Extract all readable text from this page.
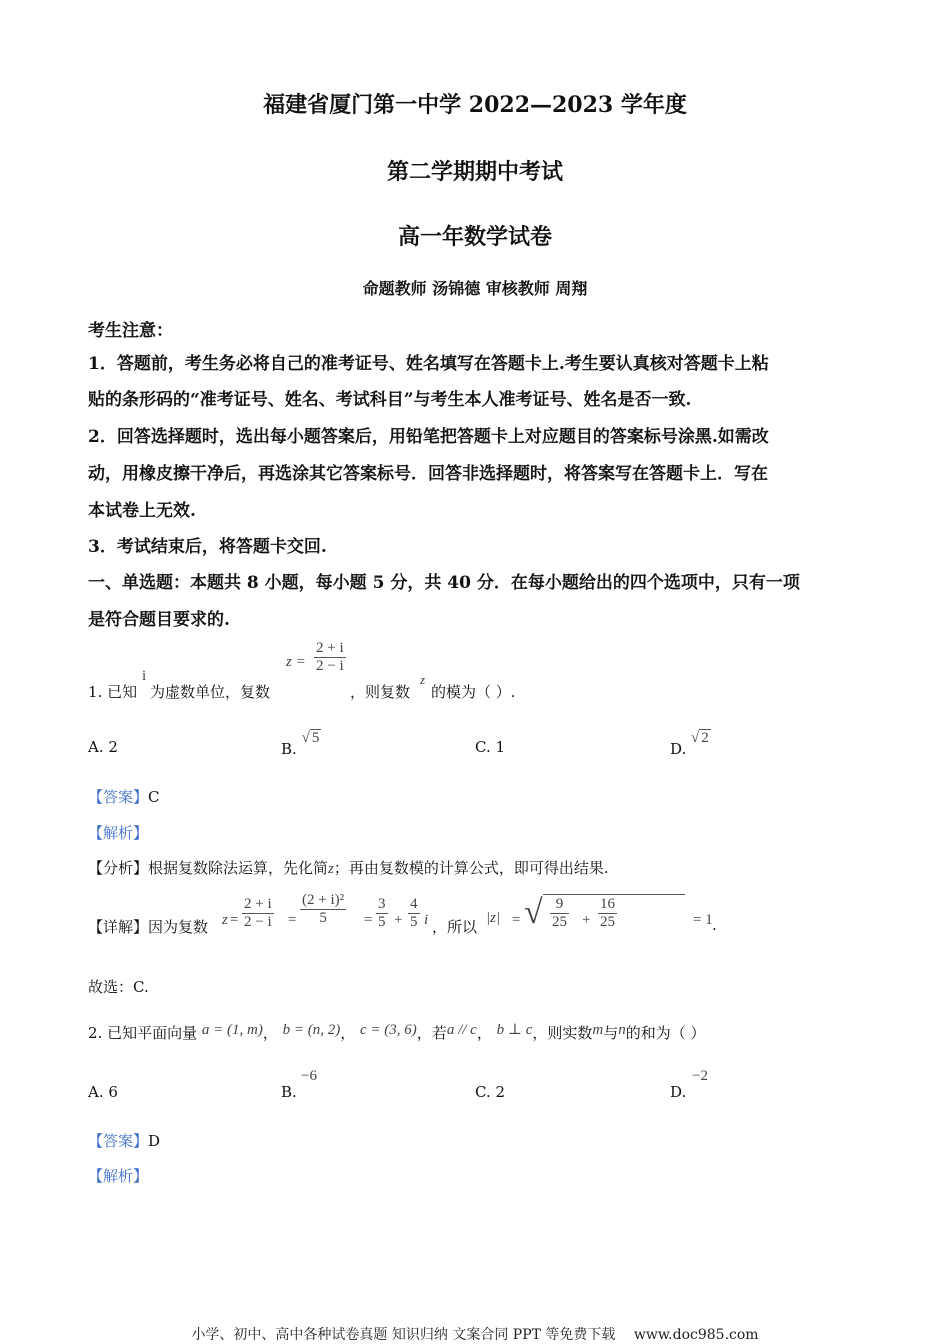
福建省厦门第一中学 2022—2023 学年度
第二学期期中考试
高一年数学试卷
命题教师 汤锦德 审核教师 周翔
考生注意：
1．答题前，考生务必将自己的准考证号、姓名填写在答题卡上.考生要认真核对答题卡上粘
贴的条形码的“准考证号、姓名、考试科目”与考生本人准考证号、姓名是否一致.
2．回答选择题时，选出每小题答案后，用铅笔把答题卡上对应题目的答案标号涂黑.如需改
动，用橡皮擦干净后，再选涂其它答案标号．回答非选择题时，将答案写在答题卡上．写在
本试卷上无效.
3．考试结束后，将答题卡交回.
一、单选题：本题共 8 小题，每小题 5 分，共 40 分．在每小题给出的四个选项中，只有一项
是符合题目要求的.
1. 已知
i
为虚数单位，复数
$z = \frac{2 + i}{2 - i}$
，则复数
z
的模为（ ）.
A. 2	B. √ 5	C. 1	D. √ 2
【答案】C
【解析】
【分析】根据复数除法运算，先化简z；再由复数模的计算公式，即可得出结果.
【详解】 因为复数 $z = \frac{2 + i}{2 - i} = \frac{\text{(2 + i)²}}{5} = \frac{3}{5} + \frac{4}{5}$ i ，所以 |z| = √ $\frac{9}{25} + \frac{16}{25}$	= 1 .
故选：C.
2. 已知平面向量 a = (1, m)， b = (n, 2)， c = (3, 6)，若a // c， b ⊥ c，则实数m与n的和为（ ）
A. 6	B.
−6
C. 2	D.
−2
【答案】D
【解析】
小学、初中、高中各种试卷真题 知识归纳 文案合同 PPT 等免费下载 www.doc985.com
